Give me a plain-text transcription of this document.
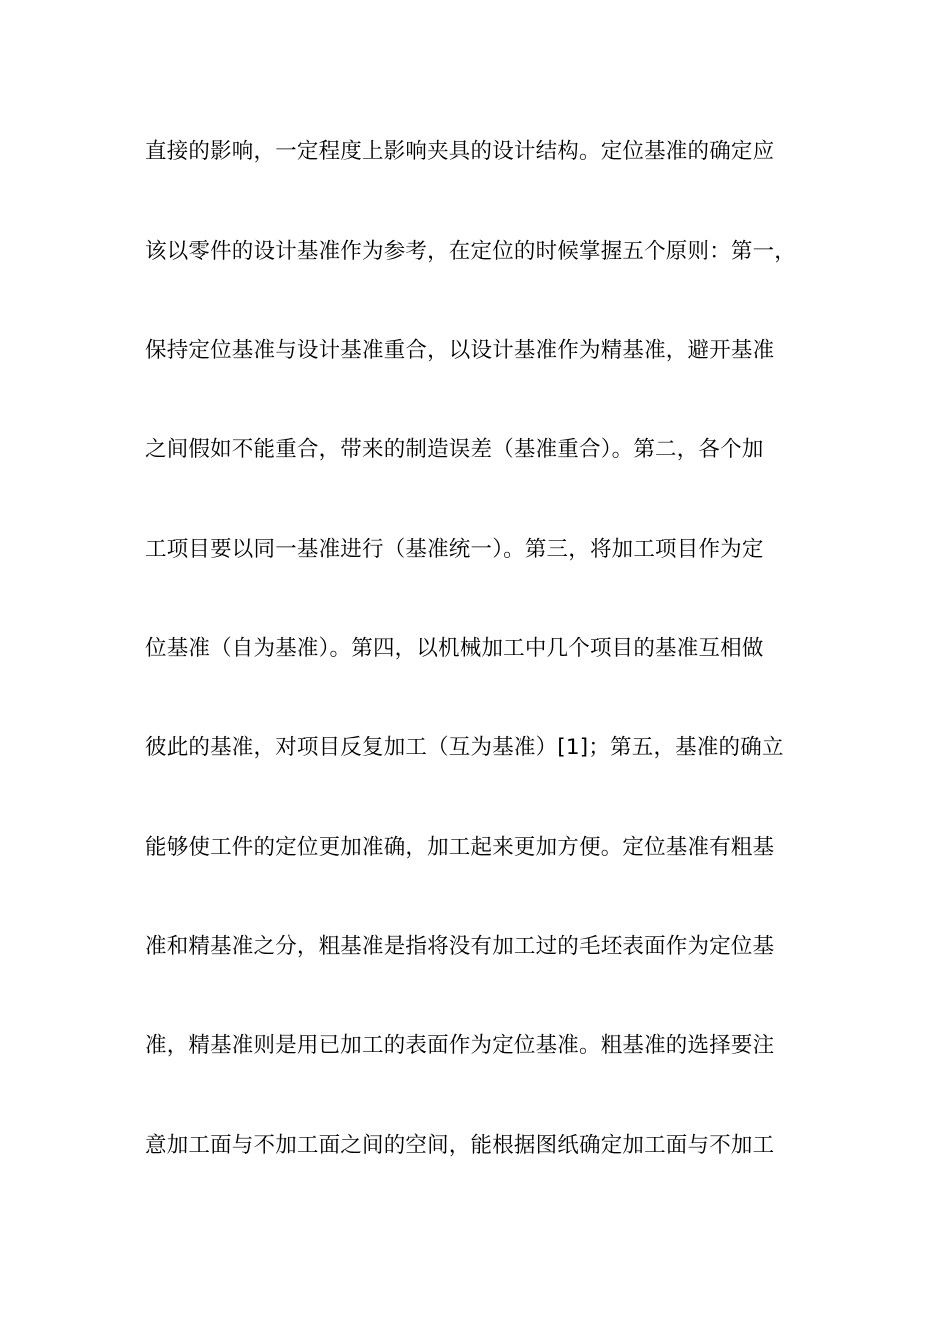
直接的影响，一定程度上影响夹具的设计结构。定位基准的确定应
该以零件的设计基准作为参考，在定位的时候掌握五个原则：第一，
保持定位基准与设计基准重合，以设计基准作为精基准，避开基准
之间假如不能重合，带来的制造误差（基准重合）。第二，各个加
工项目要以同一基准进行（基准统一）。第三，将加工项目作为定
位基准（自为基准）。第四，以机械加工中几个项目的基准互相做
彼此的基准，对项目反复加工（互为基准）[1]；第五，基准的确立
能够使工件的定位更加准确，加工起来更加方便。定位基准有粗基
准和精基准之分，粗基准是指将没有加工过的毛坯表面作为定位基
准，精基准则是用已加工的表面作为定位基准。粗基准的选择要注
意加工面与不加工面之间的空间，能根据图纸确定加工面与不加工
